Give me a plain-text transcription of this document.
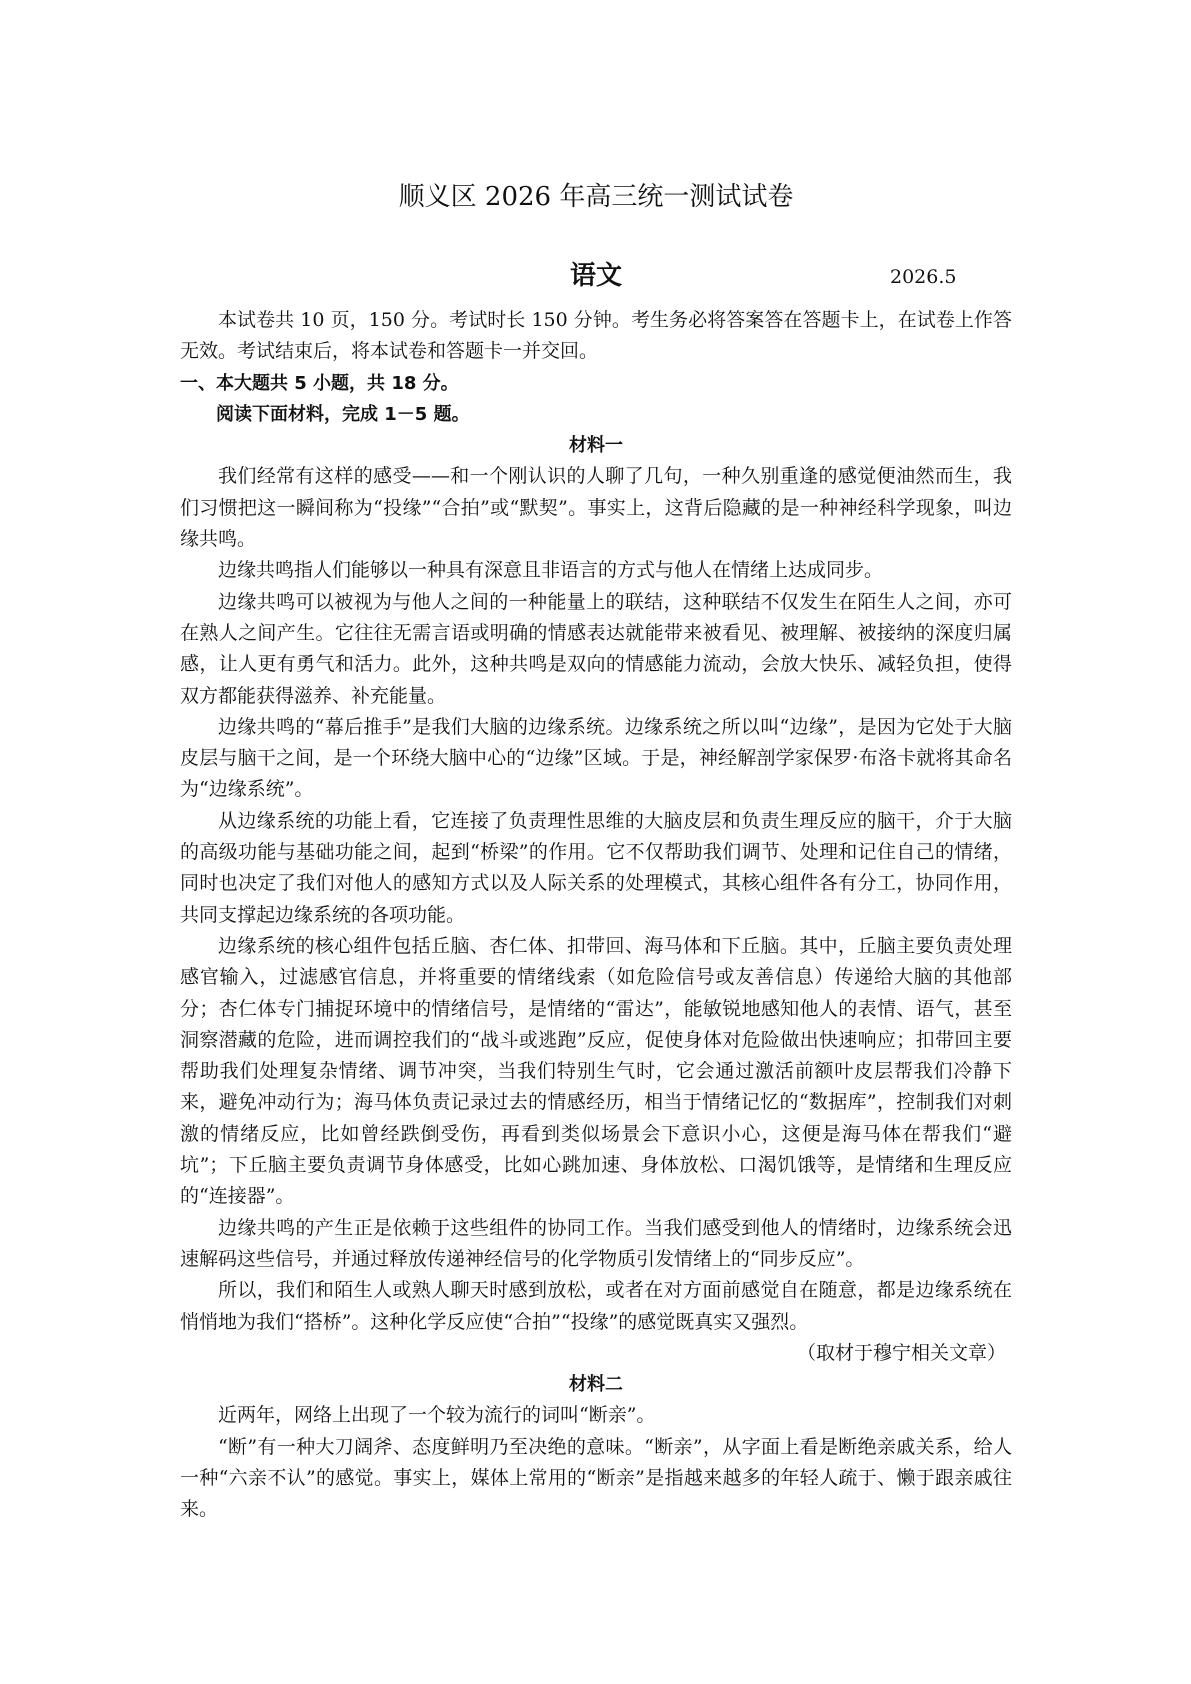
顺义区 2026 年高三统一测试试卷
语文	2026.5

本试卷共 10 页，150 分。考试时长 150 分钟。考生务必将答案答在答题卡上，在试卷上作答无效。考试结束后，将本试卷和答题卡一并交回。

一、本大题共 5 小题，共 18 分。

阅读下面材料，完成 1－5 题。

材料一

我们经常有这样的感受——和一个刚认识的人聊了几句，一种久别重逢的感觉便油然而生，我们习惯把这一瞬间称为“投缘”“合拍”或“默契”。事实上，这背后隐藏的是一种神经科学现象，叫边缘共鸣。

边缘共鸣指人们能够以一种具有深意且非语言的方式与他人在情绪上达成同步。

边缘共鸣可以被视为与他人之间的一种能量上的联结，这种联结不仅发生在陌生人之间，亦可在熟人之间产生。它往往无需言语或明确的情感表达就能带来被看见、被理解、被接纳的深度归属感，让人更有勇气和活力。此外，这种共鸣是双向的情感能力流动，会放大快乐、减轻负担，使得双方都能获得滋养、补充能量。

边缘共鸣的“幕后推手”是我们大脑的边缘系统。边缘系统之所以叫“边缘”，是因为它处于大脑皮层与脑干之间，是一个环绕大脑中心的“边缘”区域。于是，神经解剖学家保罗·布洛卡就将其命名为“边缘系统”。

从边缘系统的功能上看，它连接了负责理性思维的大脑皮层和负责生理反应的脑干，介于大脑的高级功能与基础功能之间，起到“桥梁”的作用。它不仅帮助我们调节、处理和记住自己的情绪，同时也决定了我们对他人的感知方式以及人际关系的处理模式，其核心组件各有分工，协同作用，共同支撑起边缘系统的各项功能。

边缘系统的核心组件包括丘脑、杏仁体、扣带回、海马体和下丘脑。其中，丘脑主要负责处理感官输入，过滤感官信息，并将重要的情绪线索（如危险信号或友善信息）传递给大脑的其他部分；杏仁体专门捕捉环境中的情绪信号，是情绪的“雷达”，能敏锐地感知他人的表情、语气，甚至洞察潜藏的危险，进而调控我们的“战斗或逃跑”反应，促使身体对危险做出快速响应；扣带回主要帮助我们处理复杂情绪、调节冲突，当我们特别生气时，它会通过激活前额叶皮层帮我们冷静下来，避免冲动行为；海马体负责记录过去的情感经历，相当于情绪记忆的“数据库”，控制我们对刺激的情绪反应，比如曾经跌倒受伤，再看到类似场景会下意识小心，这便是海马体在帮我们“避坑”；下丘脑主要负责调节身体感受，比如心跳加速、身体放松、口渴饥饿等，是情绪和生理反应的“连接器”。

边缘共鸣的产生正是依赖于这些组件的协同工作。当我们感受到他人的情绪时，边缘系统会迅速解码这些信号，并通过释放传递神经信号的化学物质引发情绪上的“同步反应”。

所以，我们和陌生人或熟人聊天时感到放松，或者在对方面前感觉自在随意，都是边缘系统在悄悄地为我们“搭桥”。这种化学反应使“合拍”“投缘”的感觉既真实又强烈。

（取材于穆宁相关文章）

材料二

近两年，网络上出现了一个较为流行的词叫“断亲”。

“断”有一种大刀阔斧、态度鲜明乃至决绝的意味。“断亲”，从字面上看是断绝亲戚关系，给人一种“六亲不认”的感觉。事实上，媒体上常用的“断亲”是指越来越多的年轻人疏于、懒于跟亲戚往来。
